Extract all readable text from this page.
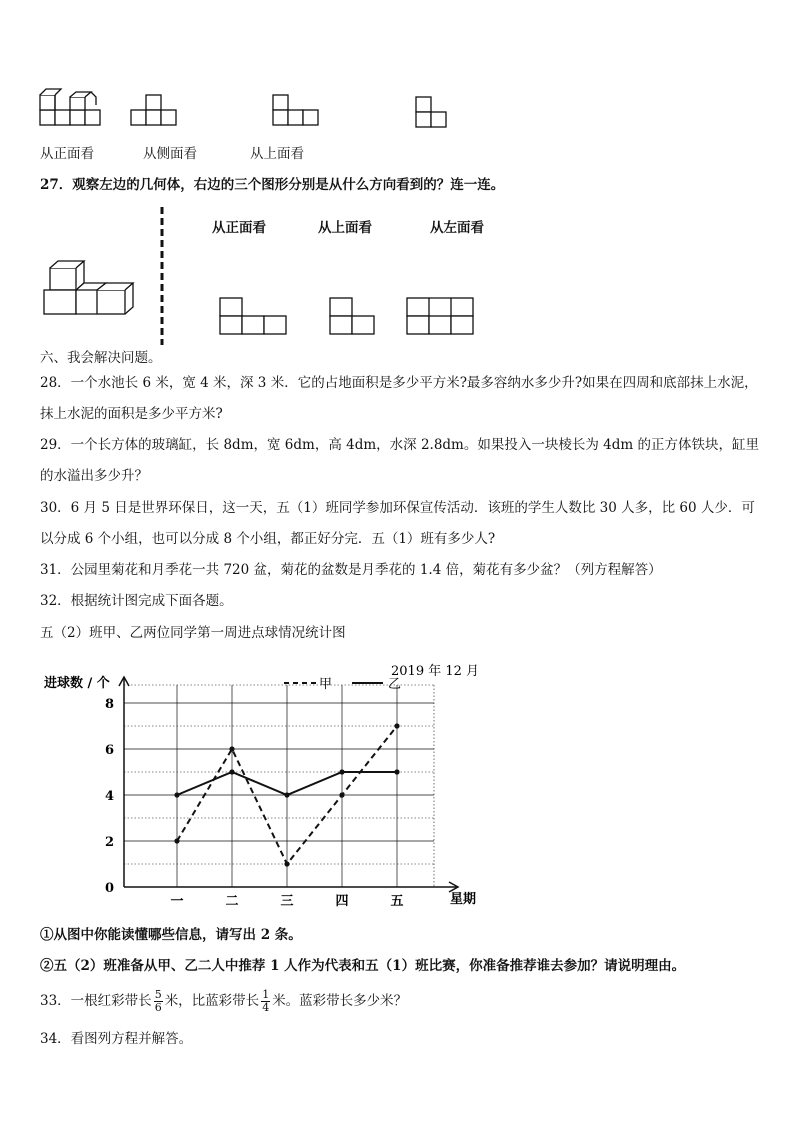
从正面看	从侧面看	从上面看
27．观察左边的几何体，右边的三个图形分别是从什么方向看到的？连一连。
从正面看	从上面看	从左面看
六、我会解决问题。
28．一个水池长 6 米，宽 4 米，深 3 米．它的占地面积是多少平方米?最多容纳水多少升?如果在四周和底部抹上水泥，
抹上水泥的面积是多少平方米?
29．一个长方体的玻璃缸，长 8dm，宽 6dm，高 4dm，水深 2.8dm。如果投入一块棱长为 4dm 的正方体铁块，缸里
的水溢出多少升？
30．6 月 5 日是世界环保日，这一天，五（1）班同学参加环保宣传活动．该班的学生人数比 30 人多，比 60 人少．可
以分成 6 个小组，也可以分成 8 个小组，都正好分完．五（1）班有多少人?
31．公园里菊花和月季花一共 720 盆，菊花的盆数是月季花的 1.4 倍，菊花有多少盆？（列方程解答）
32．根据统计图完成下面各题。
五（2）班甲、乙两位同学第一周进点球情况统计图
2019 年 12 月
进球数 / 个
星期
甲	乙
0
2
4
6
8
一	二	三	四	五
①从图中你能读懂哪些信息，请写出 2 条。
②五（2）班准备从甲、乙二人中推荐 1 人作为代表和五（1）班比赛，你准备推荐谁去参加？请说明理由。
33．一根红彩带长 $\frac{5}{6}$ 米，比蓝彩带长 $\frac{1}{4}$ 米。蓝彩带长多少米？
34．看图列方程并解答。
